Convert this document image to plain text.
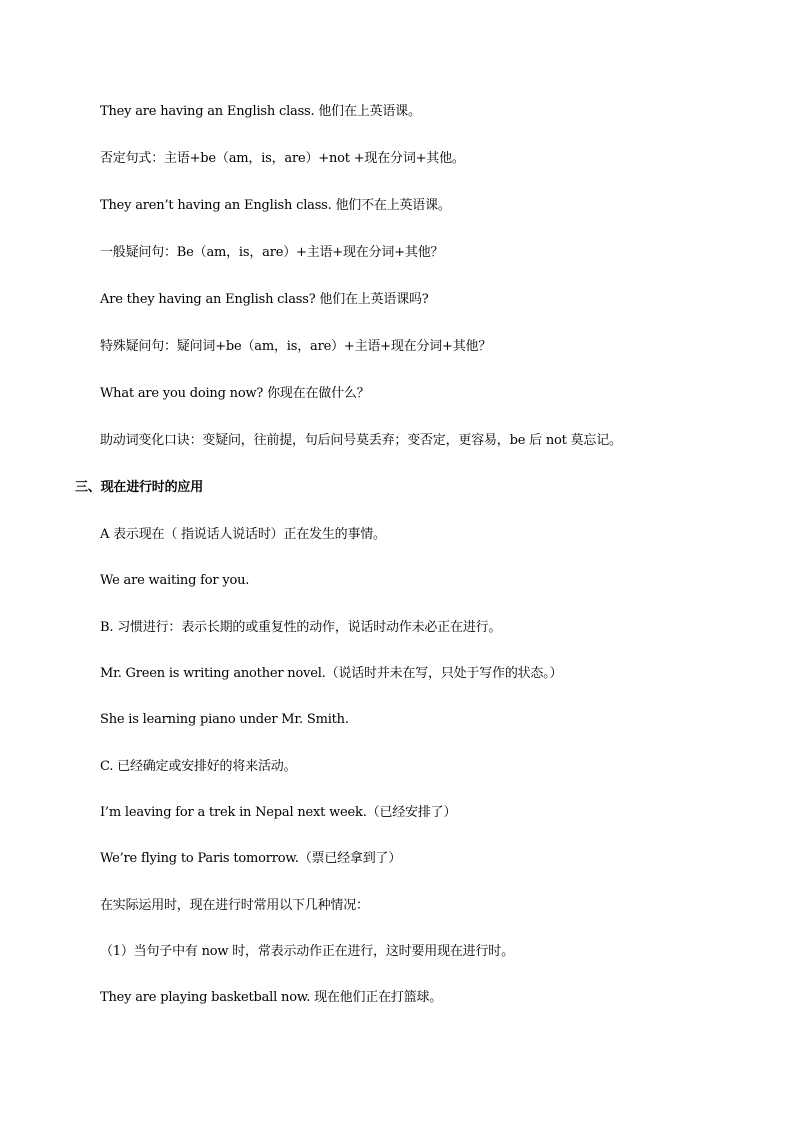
They are having an English class. 他们在上英语课。

否定句式：主语+be（am，is，are）+not +现在分词+其他。

They aren’t having an English class. 他们不在上英语课。

一般疑问句：Be（am，is，are）+主语+现在分词+其他？

Are they having an English class? 他们在上英语课吗?

特殊疑问句：疑问词+be（am，is，are）+主语+现在分词+其他？

What are you doing now? 你现在在做什么？

助动词变化口诀：变疑问，往前提，句后问号莫丢弃；变否定，更容易，be 后 not 莫忘记。

三、现在进行时的应用

A 表示现在（ 指说话人说话时）正在发生的事情。

We are waiting for you.

B. 习惯进行：表示长期的或重复性的动作，说话时动作未必正在进行。

Mr. Green is writing another novel.（说话时并未在写，只处于写作的状态。）

She is learning piano under Mr. Smith.

C. 已经确定或安排好的将来活动。

I’m leaving for a trek in Nepal next week.（已经安排了）

We’re flying to Paris tomorrow.（票已经拿到了）

在实际运用时，现在进行时常用以下几种情况：

（1）当句子中有 now 时，常表示动作正在进行，这时要用现在进行时。

They are playing basketball now. 现在他们正在打篮球。
